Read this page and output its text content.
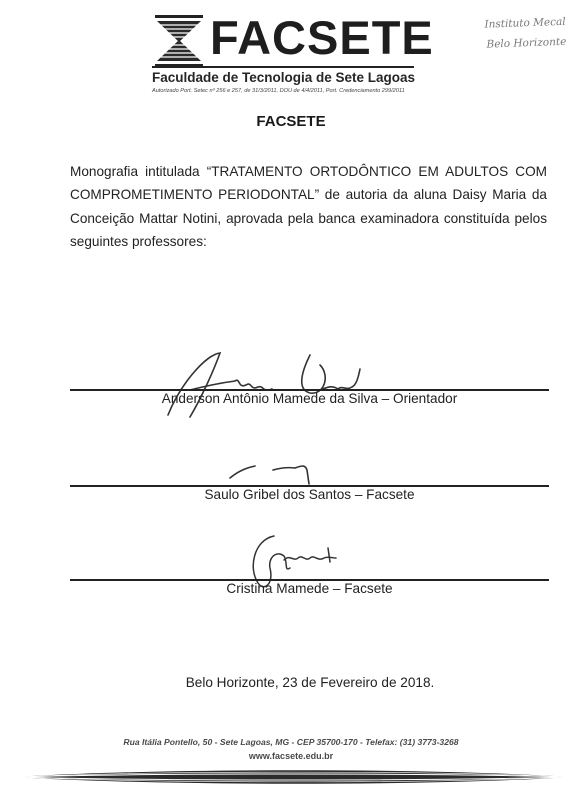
FACSETE
Faculdade de Tecnologia de Sete Lagoas
Autorizado Port. Setec nº 256 e 257, de 31/3/2011, DOU de 4/4/2011, Port. Credenciamento 299/2011
Instituto Mecal
Belo Horizonte
FACSETE

Monografia intitulada “TRATAMENTO ORTODÔNTICO EM ADULTOS COM COMPROMETIMENTO PERIODONTAL” de autoria da aluna Daisy Maria da Conceição Mattar Notini, aprovada pela banca examinadora constituída pelos seguintes professores:

Anderson Antônio Mamede da Silva – Orientador
Saulo Gribel dos Santos – Facsete
Cristina Mamede – Facsete
Belo Horizonte, 23 de Fevereiro de 2018.
Rua Itália Pontello, 50 - Sete Lagoas, MG - CEP 35700-170 - Telefax: (31) 3773-3268
www.facsete.edu.br
